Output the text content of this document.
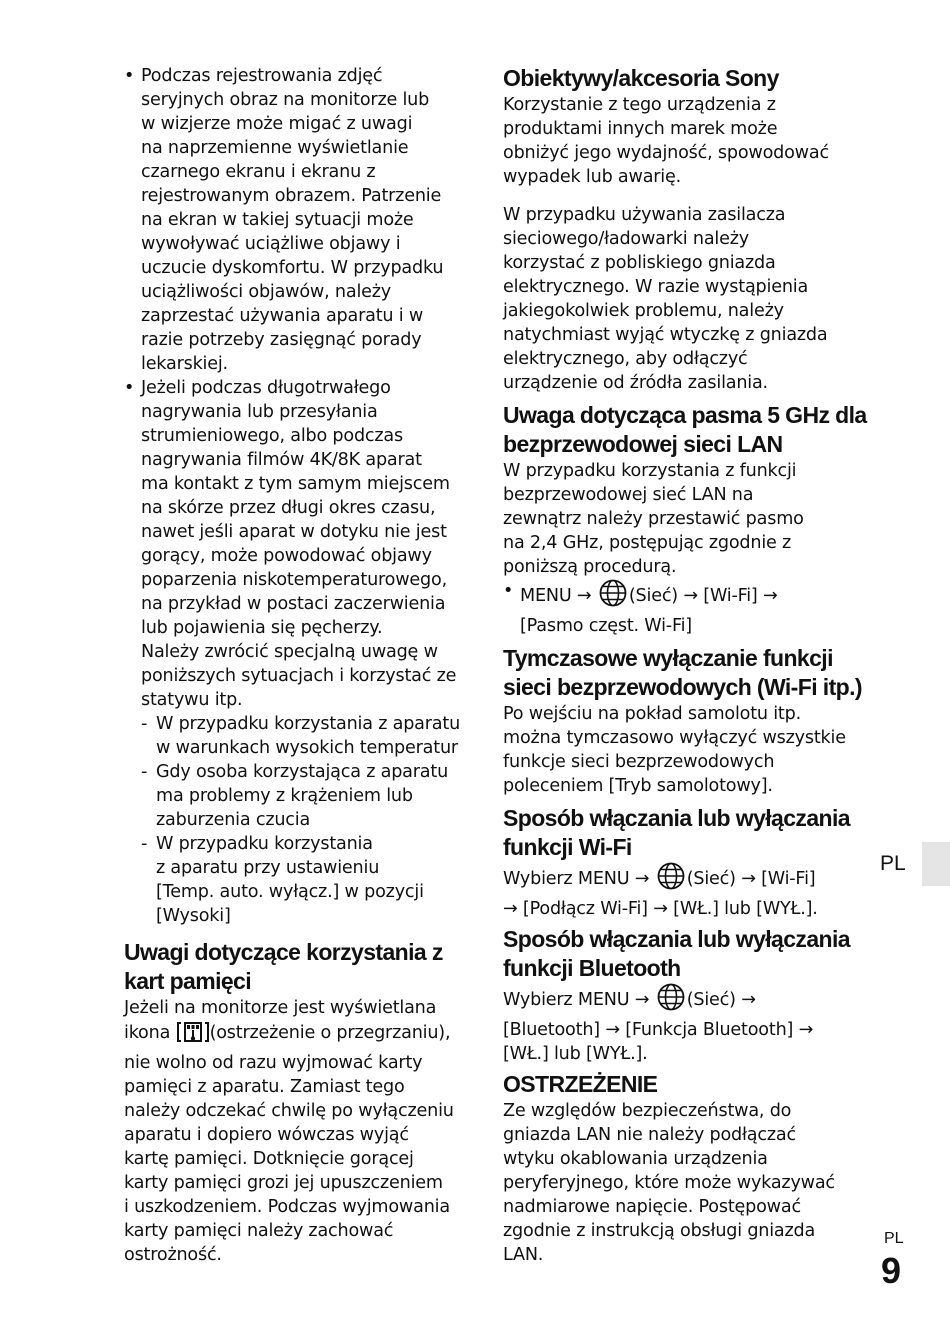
• Podczas rejestrowania zdjęć
seryjnych obraz na monitorze lub
w wizjerze może migać z uwagi
na naprzemienne wyświetlanie
czarnego ekranu i ekranu z
rejestrowanym obrazem. Patrzenie
na ekran w takiej sytuacji może
wywoływać uciążliwe objawy i
uczucie dyskomfortu. W przypadku
uciążliwości objawów, należy
zaprzestać używania aparatu i w
razie potrzeby zasięgnąć porady
lekarskiej.
• Jeżeli podczas długotrwałego
nagrywania lub przesyłania
strumieniowego, albo podczas
nagrywania filmów 4K/8K aparat
ma kontakt z tym samym miejscem
na skórze przez długi okres czasu,
nawet jeśli aparat w dotyku nie jest
gorący, może powodować objawy
poparzenia niskotemperaturowego,
na przykład w postaci zaczerwienia
lub pojawienia się pęcherzy.
Należy zwrócić specjalną uwagę w
poniższych sytuacjach i korzystać ze
statywu itp.
- W przypadku korzystania z aparatu
w warunkach wysokich temperatur
- Gdy osoba korzystająca z aparatu
ma problemy z krążeniem lub
zaburzenia czucia
- W przypadku korzystania
z aparatu przy ustawieniu
[Temp. auto. wyłącz.] w pozycji
[Wysoki]
Uwagi dotyczące korzystania z
kart pamięci
Jeżeli na monitorze jest wyświetlana
ikona (ostrzeżenie o przegrzaniu),
nie wolno od razu wyjmować karty
pamięci z aparatu. Zamiast tego
należy odczekać chwilę po wyłączeniu
aparatu i dopiero wówczas wyjąć
kartę pamięci. Dotknięcie gorącej
karty pamięci grozi jej upuszczeniem
i uszkodzeniem. Podczas wyjmowania
karty pamięci należy zachować
ostrożność.
Obiektywy/akcesoria Sony
Korzystanie z tego urządzenia z
produktami innych marek może
obniżyć jego wydajność, spowodować
wypadek lub awarię.
W przypadku używania zasilacza
sieciowego/ładowarki należy
korzystać z pobliskiego gniazda
elektrycznego. W razie wystąpienia
jakiegokolwiek problemu, należy
natychmiast wyjąć wtyczkę z gniazda
elektrycznego, aby odłączyć
urządzenie od źródła zasilania.
Uwaga dotycząca pasma 5 GHz dla
bezprzewodowej sieci LAN
W przypadku korzystania z funkcji
bezprzewodowej sieć LAN na
zewnątrz należy przestawić pasmo
na 2,4 GHz, postępując zgodnie z
poniższą procedurą.
• MENU → (Sieć) → [Wi-Fi] →
[Pasmo częst. Wi-Fi]
Tymczasowe wyłączanie funkcji
sieci bezprzewodowych (Wi-Fi itp.)
Po wejściu na pokład samolotu itp.
można tymczasowo wyłączyć wszystkie
funkcje sieci bezprzewodowych
poleceniem [Tryb samolotowy].
Sposób włączania lub wyłączania
funkcji Wi-Fi
Wybierz MENU → (Sieć) → [Wi-Fi]
→ [Podłącz Wi-Fi] → [WŁ.] lub [WYŁ.].
Sposób włączania lub wyłączania
funkcji Bluetooth
Wybierz MENU → (Sieć) →
[Bluetooth] → [Funkcja Bluetooth] →
[WŁ.] lub [WYŁ.].
OSTRZEŻENIE
Ze względów bezpieczeństwa, do
gniazda LAN nie należy podłączać
wtyku okablowania urządzenia
peryferyjnego, które może wykazywać
nadmiarowe napięcie. Postępować
zgodnie z instrukcją obsługi gniazda
LAN.
PL
PL
9
